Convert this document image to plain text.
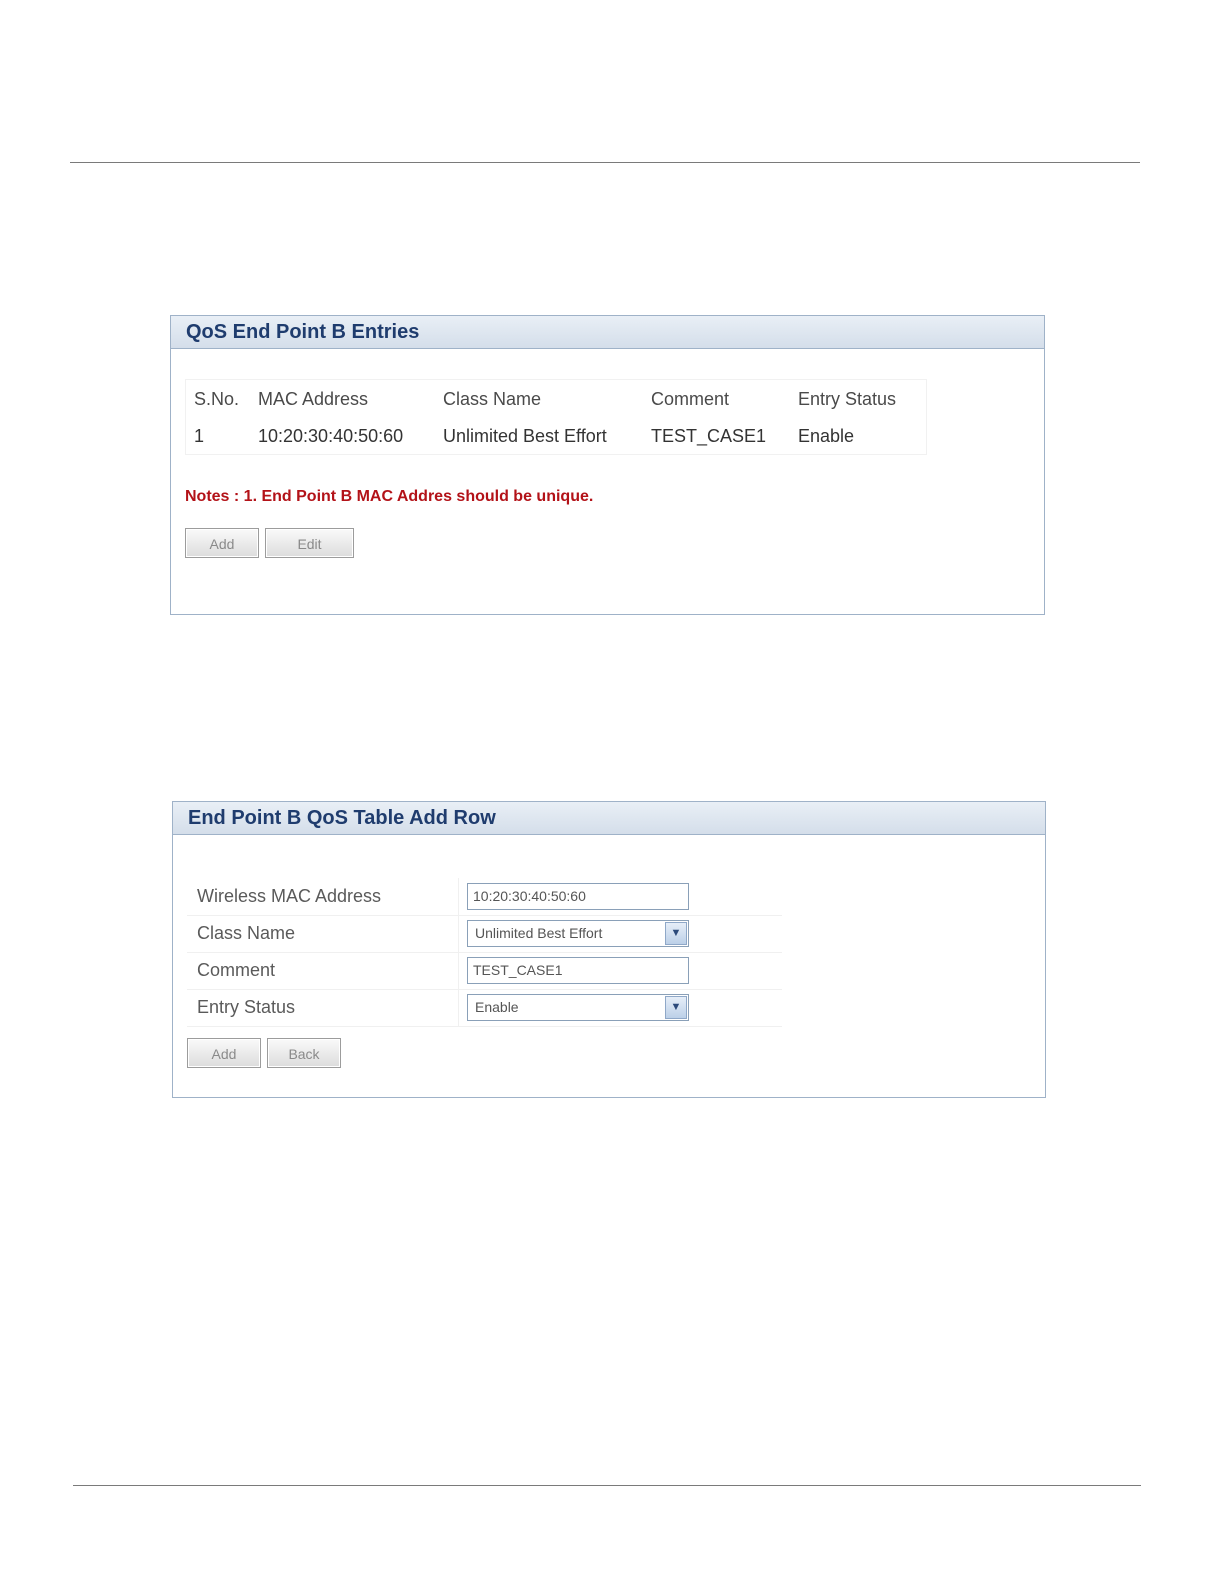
QoS End Point B Entries
S.No.	MAC Address	Class Name	Comment	Entry Status
1	10:20:30:40:50:60	Unlimited Best Effort	TEST_CASE1	Enable
Notes : 1. End Point B MAC Addres should be unique.
Add	Edit
End Point B QoS Table Add Row
Wireless MAC Address	10:20:30:40:50:60

Class Name	Unlimited Best Effort ▼

Comment	TEST_CASE1

Entry Status	Enable ▼
Add	Back
